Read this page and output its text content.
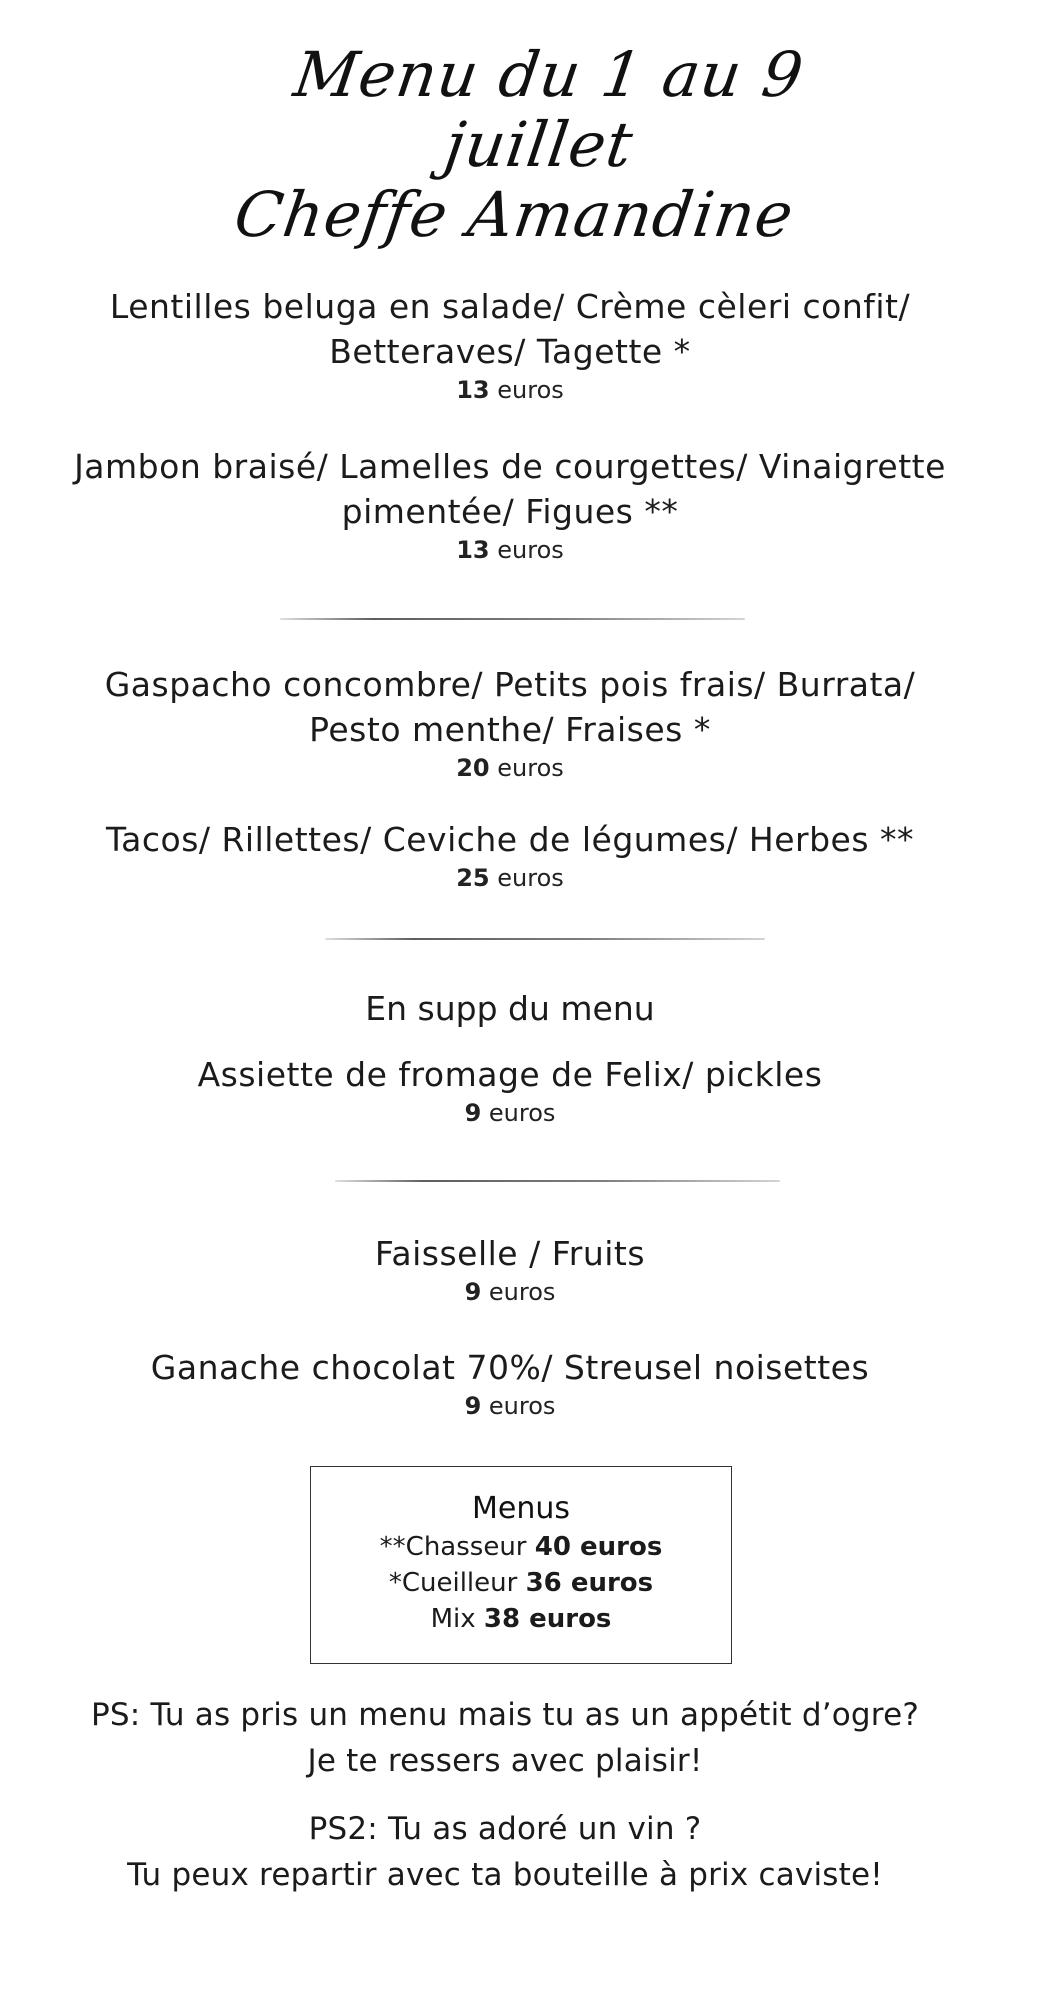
Menu du 1 au 9
juillet
Cheffe Amandine
Lentilles beluga en salade/ Crème cèleri confit/
Betteraves/ Tagette *
13 euros
Jambon braisé/ Lamelles de courgettes/ Vinaigrette
pimentée/ Figues **
13 euros
Gaspacho concombre/ Petits pois frais/ Burrata/
Pesto menthe/ Fraises *
20 euros
Tacos/ Rillettes/ Ceviche de légumes/ Herbes **
25 euros
En supp du menu
Assiette de fromage de Felix/ pickles
9 euros
Faisselle / Fruits
9 euros
Ganache chocolat 70%/ Streusel noisettes
9 euros
Menus
**Chasseur 40 euros
*Cueilleur 36 euros
Mix 38 euros
PS: Tu as pris un menu mais tu as un appétit d’ogre?
Je te ressers avec plaisir!
PS2: Tu as adoré un vin ?
Tu peux repartir avec ta bouteille à prix caviste!
